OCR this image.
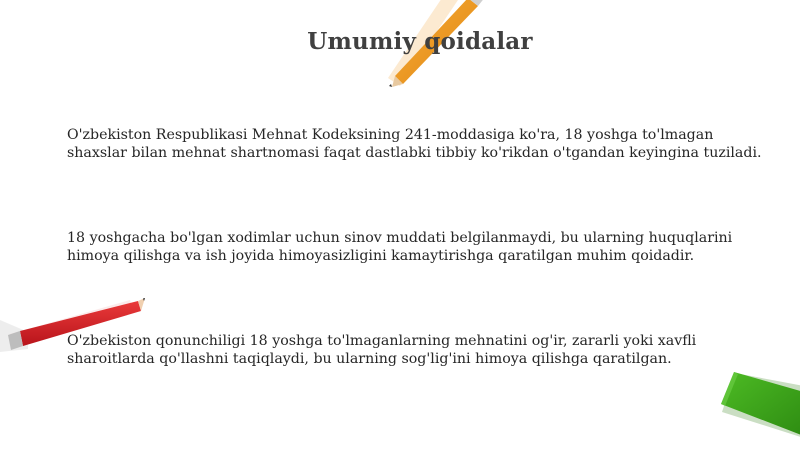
Umumiy qoidalar

O'zbekiston Respublikasi Mehnat Kodeksining 241-moddasiga ko'ra, 18 yoshga to'lmagan shaxslar bilan mehnat shartnomasi faqat dastlabki tibbiy ko'rikdan o'tgandan keyingina tuziladi.

18 yoshgacha bo'lgan xodimlar uchun sinov muddati belgilanmaydi, bu ularning huquqlarini himoya qilishga va ish joyida himoyasizligini kamaytirishga qaratilgan muhim qoidadir.

O'zbekiston qonunchiligi 18 yoshga to'lmaganlarning mehnatini og'ir, zararli yoki xavfli sharoitlarda qo'llashni taqiqlaydi, bu ularning sog'lig'ini himoya qilishga qaratilgan.
